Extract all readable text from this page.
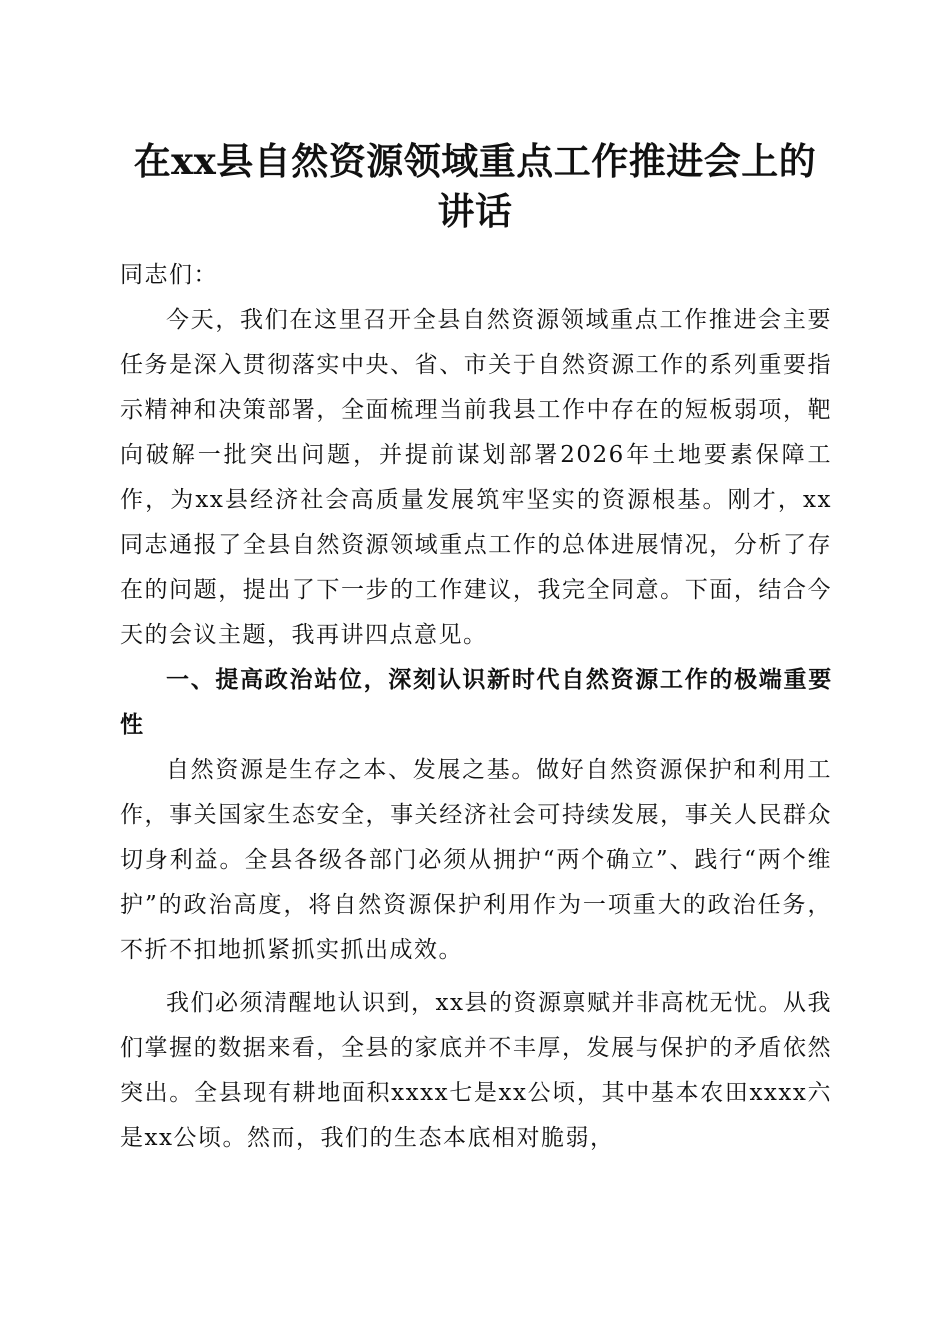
在xx县自然资源领域重点工作推进会上的讲话

同志们：

今天，我们在这里召开全县自然资源领域重点工作推进会主要任务是深入贯彻落实中央、省、市关于自然资源工作的系列重要指示精神和决策部署，全面梳理当前我县工作中存在的短板弱项，靶向破解一批突出问题，并提前谋划部署2026年土地要素保障工作，为xx县经济社会高质量发展筑牢坚实的资源根基。刚才，xx同志通报了全县自然资源领域重点工作的总体进展情况，分析了存在的问题，提出了下一步的工作建议，我完全同意。下面，结合今天的会议主题，我再讲四点意见。

一、提高政治站位，深刻认识新时代自然资源工作的极端重要性

自然资源是生存之本、发展之基。做好自然资源保护和利用工作，事关国家生态安全，事关经济社会可持续发展，事关人民群众切身利益。全县各级各部门必须从拥护“两个确立”、践行“两个维护”的政治高度，将自然资源保护利用作为一项重大的政治任务，不折不扣地抓紧抓实抓出成效。

我们必须清醒地认识到，xx县的资源禀赋并非高枕无忧。从我们掌握的数据来看，全县的家底并不丰厚，发展与保护的矛盾依然突出。全县现有耕地面积xxxx七是xx公顷，其中基本农田xxxx六是xx公顷。然而，我们的生态本底相对脆弱，
